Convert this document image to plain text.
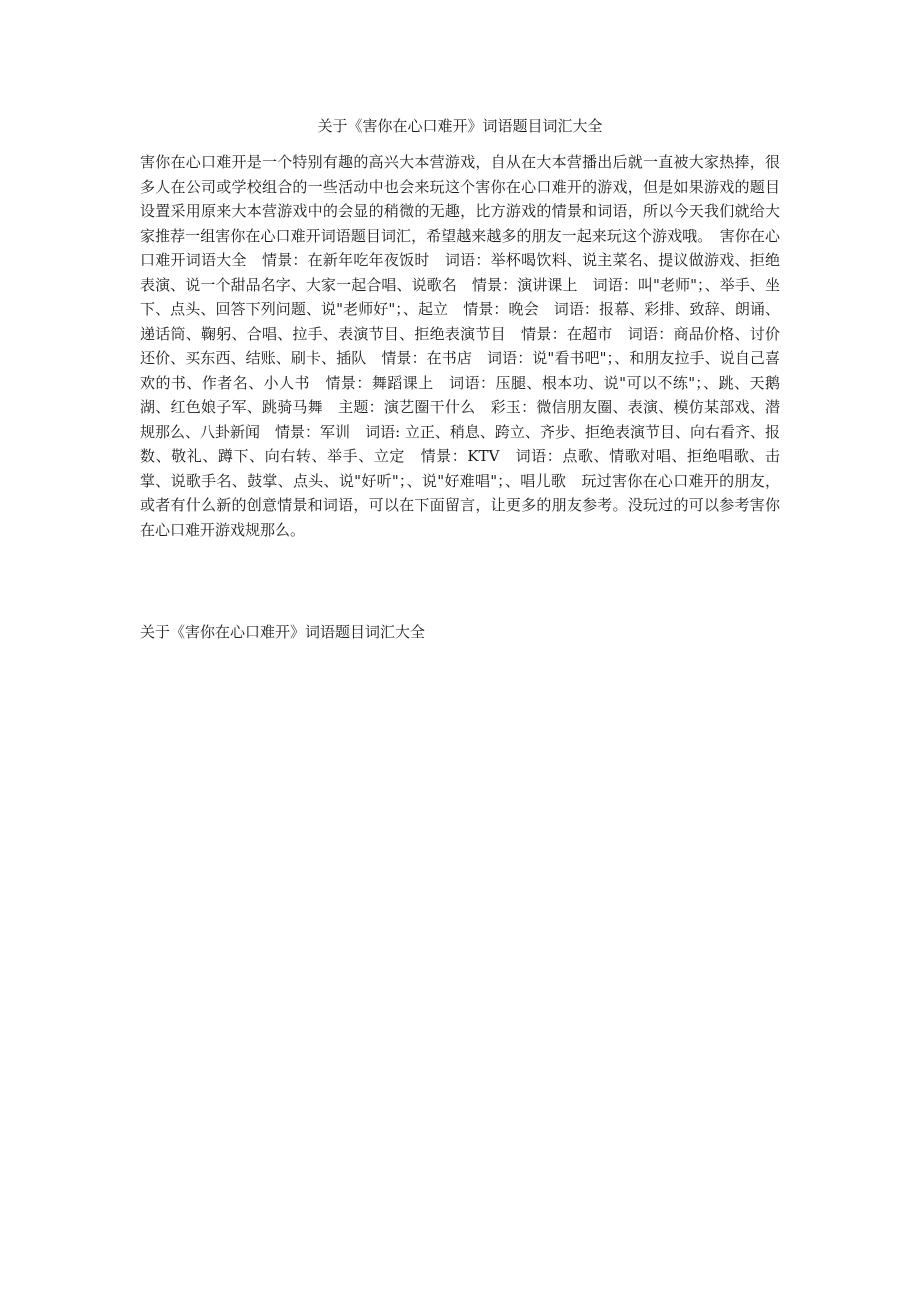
关于《害你在心口难开》词语题目词汇大全

害你在心口难开是一个特别有趣的高兴大本营游戏，自从在大本营播出后就一直被大家热捧，很多人在公司或学校组合的一些活动中也会来玩这个害你在心口难开的游戏，但是如果游戏的题目设置采用原来大本营游戏中的会显的稍微的无趣，比方游戏的情景和词语，所以今天我们就给大家推荐一组害你在心口难开词语题目词汇，希望越来越多的朋友一起来玩这个游戏哦。　害你在心口难开词语大全　情景：在新年吃年夜饭时　词语：举杯喝饮料、说主菜名、提议做游戏、拒绝表演、说一个甜品名字、大家一起合唱、说歌名　情景：演讲课上　词语：叫"老师"；、举手、坐下、点头、回答下列问题、说"老师好"；、起立　情景：晚会　词语：报幕、彩排、致辞、朗诵、递话筒、鞠躬、合唱、拉手、表演节目、拒绝表演节目　情景：在超市　词语：商品价格、讨价还价、买东西、结账、刷卡、插队　情景：在书店　词语：说"看书吧"；、和朋友拉手、说自己喜欢的书、作者名、小人书　情景：舞蹈课上　词语：压腿、根本功、说"可以不练"；、跳、天鹅湖、红色娘子军、跳骑马舞　主题：演艺圈干什么　彩玉：微信朋友圈、表演、模仿某部戏、潜规那么、八卦新闻　情景：军训　词语: 立正、稍息、跨立、齐步、拒绝表演节目、向右看齐、报数、敬礼、蹲下、向右转、举手、立定　情景：KTV　词语：点歌、情歌对唱、拒绝唱歌、击掌、说歌手名、鼓掌、点头、说"好听"；、说"好难唱"；、唱儿歌　玩过害你在心口难开的朋友，或者有什么新的创意情景和词语，可以在下面留言，让更多的朋友参考。没玩过的可以参考害你在心口难开游戏规那么。

关于《害你在心口难开》词语题目词汇大全
